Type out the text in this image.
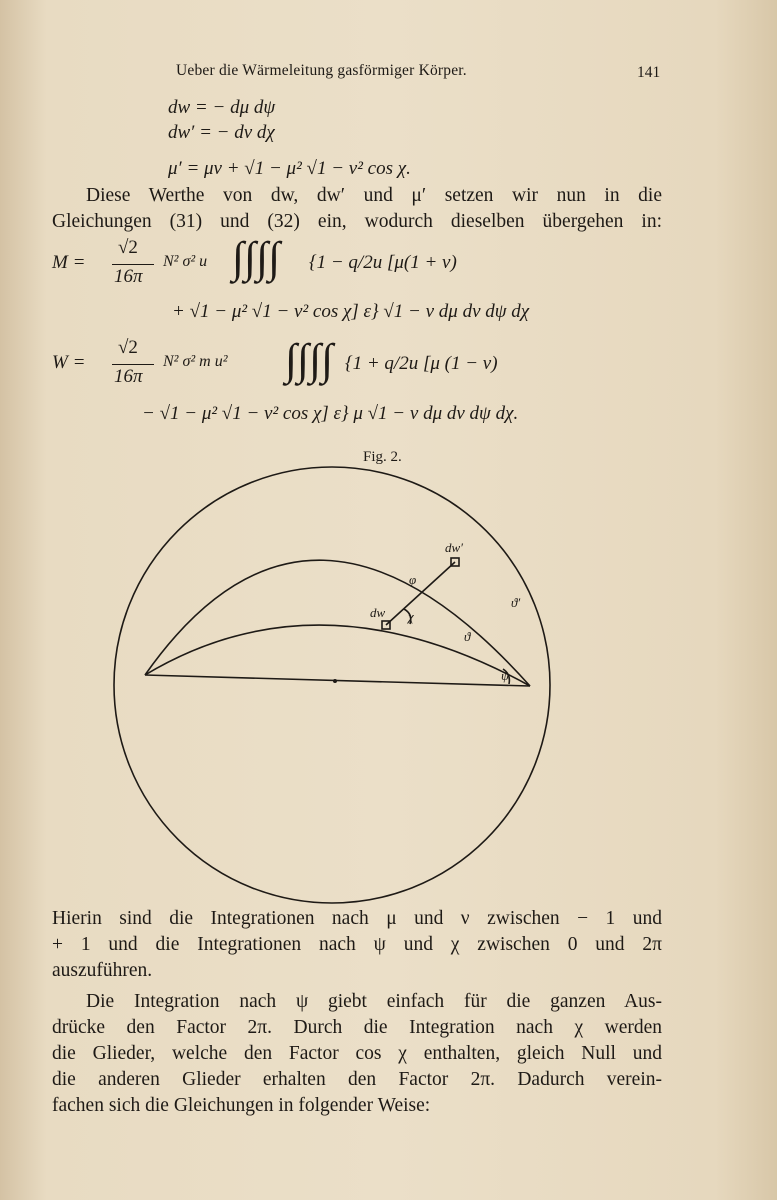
Ueber die Wärmeleitung gasförmiger Körper.	141
dw = − dμ dψ
dw′ = − dν dχ
μ′ = μν + √1 − μ² √1 − ν² cos χ.
Diese Werthe von dw, dw′ und μ′ setzen wir nun in die
Gleichungen (31) und (32) ein, wodurch dieselben übergehen in:
M =
√2
16π
N² σ² u ∫∫∫∫ {1 − q/2u [μ(1 + ν)
+ √1 − μ² √1 − ν² cos χ] ε} √1 − ν dμ dν dψ dχ
W =
√2
16π
N² σ² m u² ∫∫∫∫ {1 + q/2u [μ (1 − ν)
− √1 − μ² √1 − ν² cos χ] ε} μ √1 − ν dμ dν dψ dχ.
Fig. 2.
dw
dw′
φ
χ
ϑ
ϑ′
ψ
Hierin sind die Integrationen nach μ und ν zwischen − 1 und
+ 1 und die Integrationen nach ψ und χ zwischen 0 und 2π
auszuführen.
Die Integration nach ψ giebt einfach für die ganzen Aus-
drücke den Factor 2π. Durch die Integration nach χ werden
die Glieder, welche den Factor cos χ enthalten, gleich Null und
die anderen Glieder erhalten den Factor 2π. Dadurch verein-
fachen sich die Gleichungen in folgender Weise:
